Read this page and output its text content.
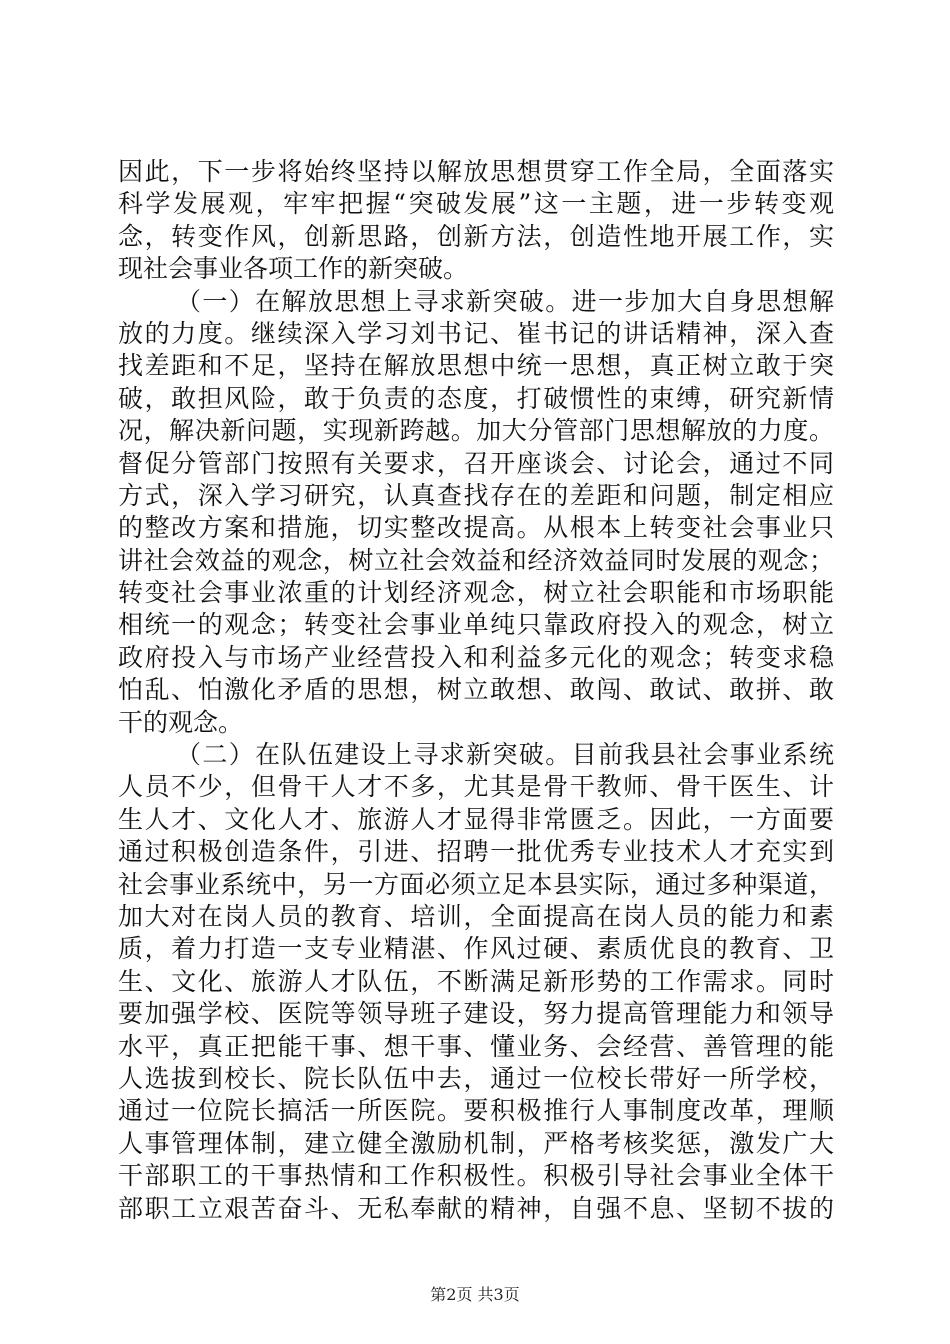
因此，下一步将始终坚持以解放思想贯穿工作全局，全面落实
科学发展观，牢牢把握“突破发展”这一主题，进一步转变观
念，转变作风，创新思路，创新方法，创造性地开展工作，实
现社会事业各项工作的新突破。
（一）在解放思想上寻求新突破。进一步加大自身思想解
放的力度。继续深入学习刘书记、崔书记的讲话精神，深入查
找差距和不足，坚持在解放思想中统一思想，真正树立敢于突
破，敢担风险，敢于负责的态度，打破惯性的束缚，研究新情
况，解决新问题，实现新跨越。加大分管部门思想解放的力度。
督促分管部门按照有关要求，召开座谈会、讨论会，通过不同
方式，深入学习研究，认真查找存在的差距和问题，制定相应
的整改方案和措施，切实整改提高。从根本上转变社会事业只
讲社会效益的观念，树立社会效益和经济效益同时发展的观念；
转变社会事业浓重的计划经济观念，树立社会职能和市场职能
相统一的观念；转变社会事业单纯只靠政府投入的观念，树立
政府投入与市场产业经营投入和利益多元化的观念；转变求稳
怕乱、怕激化矛盾的思想，树立敢想、敢闯、敢试、敢拼、敢
干的观念。
（二）在队伍建设上寻求新突破。目前我县社会事业系统
人员不少，但骨干人才不多，尤其是骨干教师、骨干医生、计
生人才、文化人才、旅游人才显得非常匮乏。因此，一方面要
通过积极创造条件，引进、招聘一批优秀专业技术人才充实到
社会事业系统中，另一方面必须立足本县实际，通过多种渠道，
加大对在岗人员的教育、培训，全面提高在岗人员的能力和素
质，着力打造一支专业精湛、作风过硬、素质优良的教育、卫
生、文化、旅游人才队伍，不断满足新形势的工作需求。同时
要加强学校、医院等领导班子建设，努力提高管理能力和领导
水平，真正把能干事、想干事、懂业务、会经营、善管理的能
人选拔到校长、院长队伍中去，通过一位校长带好一所学校，
通过一位院长搞活一所医院。要积极推行人事制度改革，理顺
人事管理体制，建立健全激励机制，严格考核奖惩，激发广大
干部职工的干事热情和工作积极性。积极引导社会事业全体干
部职工立艰苦奋斗、无私奉献的精神，自强不息、坚韧不拔的
第2页 共3页
